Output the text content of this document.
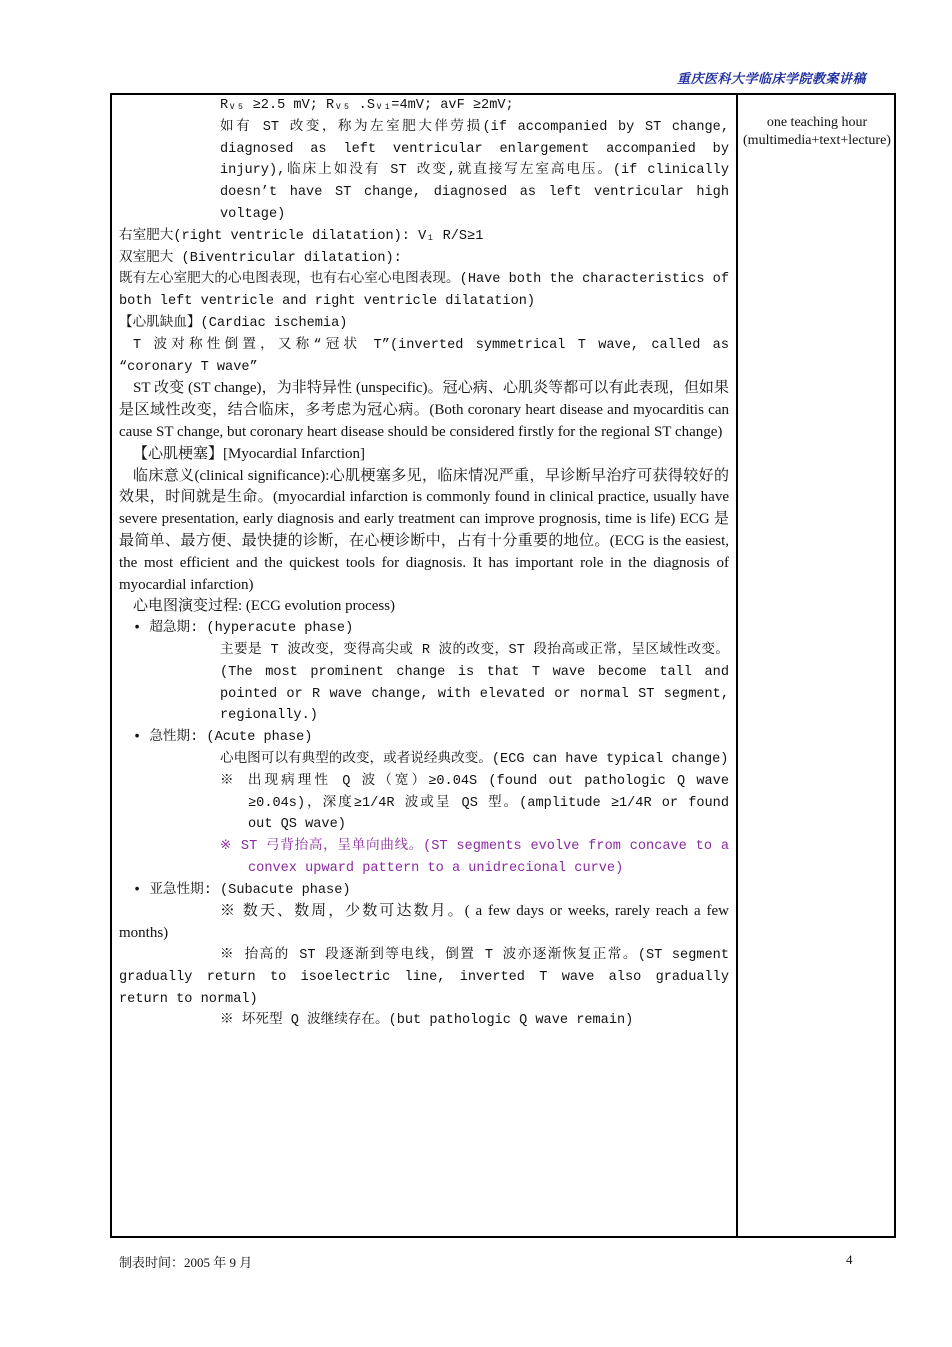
重庆医科大学临床学院教案讲稿
one teaching hour (multimedia+text+lecture)
Rᵥ₅ ≥2.5 mV; Rᵥ₅ .Sᵥ₁=4mV; avF ≥2mV;
如有 ST 改变，称为左室肥大伴劳损(if accompanied by ST change, diagnosed as left ventricular enlargement accompanied by injury),临床上如没有 ST 改变,就直接写左室高电压。(if clinically doesn’t have ST change, diagnosed as left ventricular high voltage)
右室肥大(right ventricle dilatation): V₁ R/S≥1
双室肥大 (Biventricular dilatation):
既有左心室肥大的心电图表现，也有右心室心电图表现。(Have both the characteristics of both left ventricle and right ventricle dilatation)
【心肌缺血】(Cardiac ischemia)
T 波对称性倒置，又称“冠状 T”(inverted symmetrical T wave, called as “coronary T wave”
ST 改变 (ST change)，为非特异性 (unspecific)。冠心病、心肌炎等都可以有此表现，但如果是区域性改变，结合临床，多考虑为冠心病。(Both coronary heart disease and myocarditis can cause ST change, but coronary heart disease should be considered firstly for the regional ST change)
【心肌梗塞】[Myocardial Infarction]
临床意义(clinical significance):心肌梗塞多见，临床情况严重，早诊断早治疗可获得较好的效果，时间就是生命。(myocardial infarction is commonly found in clinical practice, usually have severe presentation, early diagnosis and early treatment can improve prognosis, time is life) ECG 是最简单、最方便、最快捷的诊断，在心梗诊断中，占有十分重要的地位。(ECG is the easiest, the most efficient and the quickest tools for diagnosis. It has important role in the diagnosis of myocardial infarction)
心电图演变过程: (ECG evolution process)
• 超急期: (hyperacute phase)
主要是 T 波改变，变得高尖或 R 波的改变，ST 段抬高或正常，呈区域性改变。(The most prominent change is that T wave become tall and pointed or R wave change, with elevated or normal ST segment, regionally.)
• 急性期: (Acute phase)
心电图可以有典型的改变，或者说经典改变。(ECG can have typical change)
※ 出现病理性 Q 波（宽）≥0.04S (found out pathologic Q wave ≥0.04s)，深度≥1/4R 波或呈 QS 型。(amplitude ≥1/4R or found out QS wave)
※ ST 弓背抬高，呈单向曲线。(ST segments evolve from concave to a convex upward pattern to a unidrecional curve)
• 亚急性期: (Subacute phase)
※ 数天、数周，少数可达数月。( a few days or weeks, rarely reach a few months)
※ 抬高的 ST 段逐渐到等电线，倒置 T 波亦逐渐恢复正常。(ST segment gradually return to isoelectric line, inverted T wave also gradually return to normal)
※ 坏死型 Q 波继续存在。(but pathologic Q wave remain)
制表时间：2005 年 9 月	4
